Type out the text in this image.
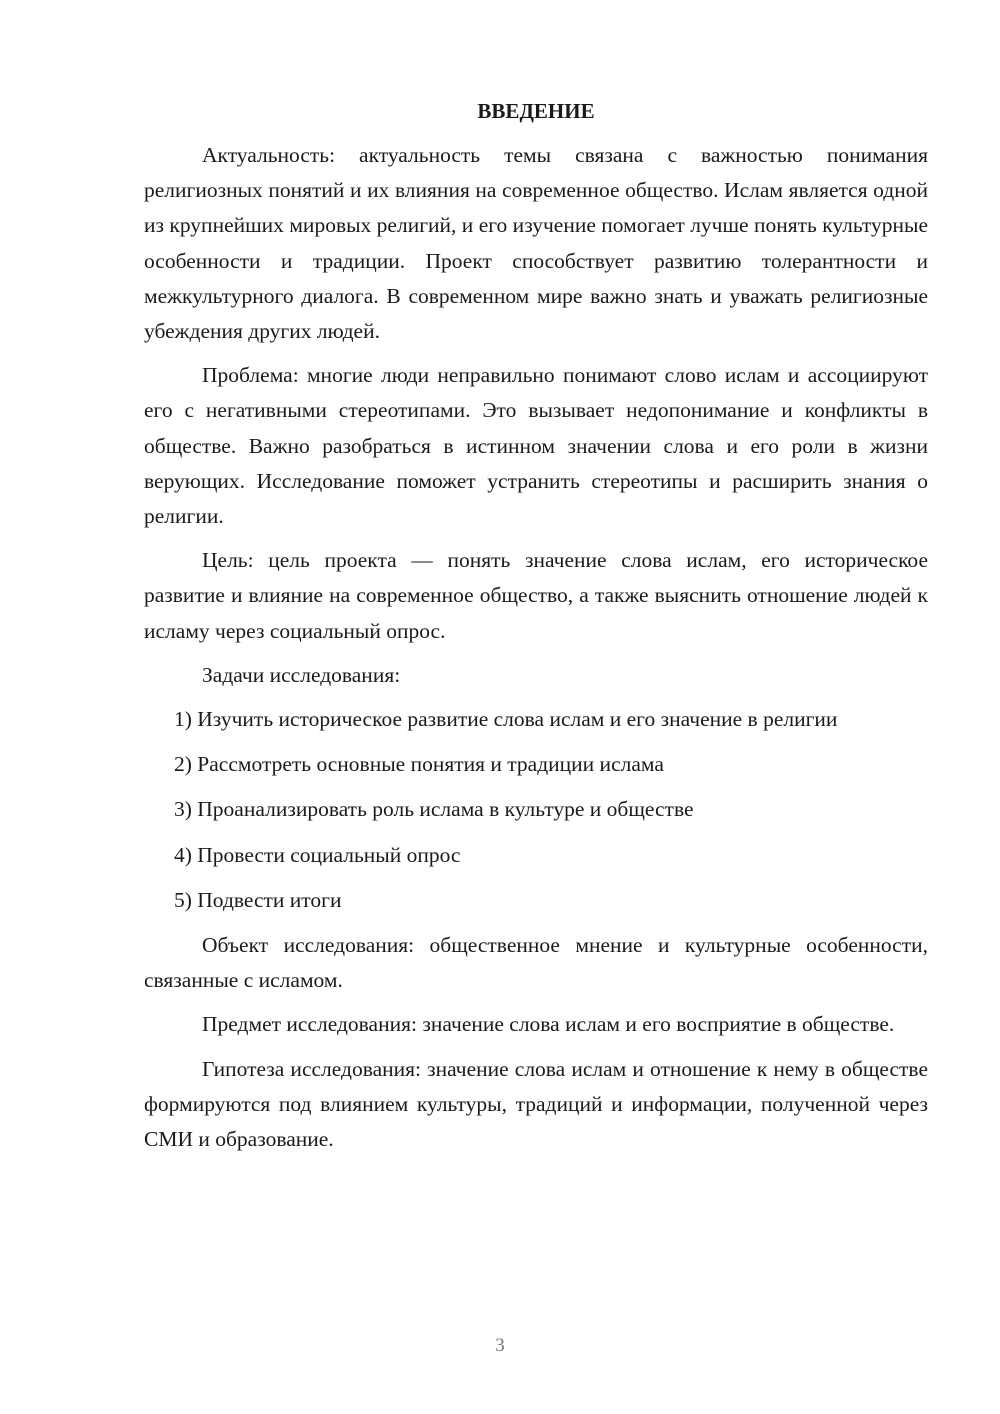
ВВЕДЕНИЕ

Актуальность: актуальность темы связана с важностью понимания религиозных понятий и их влияния на современное общество. Ислам является одной из крупнейших мировых религий, и его изучение помогает лучше понять культурные особенности и традиции. Проект способствует развитию толерантности и межкультурного диалога. В современном мире важно знать и уважать религиозные убеждения других людей.

Проблема: многие люди неправильно понимают слово ислам и ассоциируют его с негативными стереотипами. Это вызывает недопонимание и конфликты в обществе. Важно разобраться в истинном значении слова и его роли в жизни верующих. Исследование поможет устранить стереотипы и расширить знания о религии.

Цель: цель проекта — понять значение слова ислам, его историческое развитие и влияние на современное общество, а также выяснить отношение людей к исламу через социальный опрос.

Задачи исследования:

1) Изучить историческое развитие слова ислам и его значение в религии

2) Рассмотреть основные понятия и традиции ислама

3) Проанализировать роль ислама в культуре и обществе

4) Провести социальный опрос

5) Подвести итоги

Объект исследования: общественное мнение и культурные особенности, связанные с исламом.

Предмет исследования: значение слова ислам и его восприятие в обществе.

Гипотеза исследования: значение слова ислам и отношение к нему в обществе формируются под влиянием культуры, традиций и информации, полученной через СМИ и образование.

3
